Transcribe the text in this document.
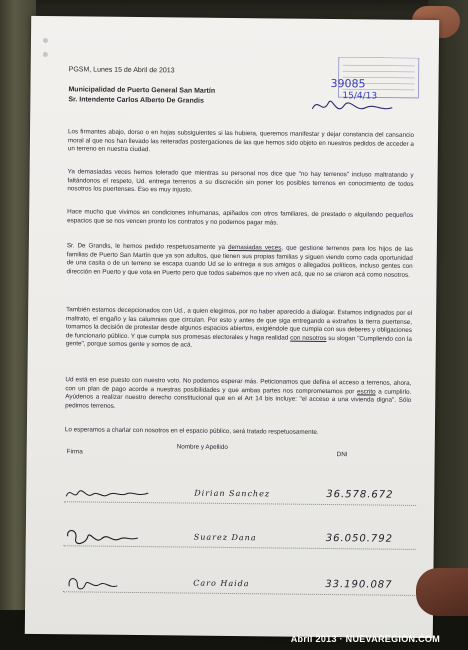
39085
15/4/13
PGSM, Lunes 15 de Abril de 2013
Municipalidad de Puerto General San Martín
Sr. Intendente Carlos Alberto De Grandis

Los firmantes abajo, dorso o en hojas subsiguientes si las hubiera, queremos manifestar y dejar constancia del cansancio moral al que nos han llevado las reiteradas postergaciones de las que hemos sido objeto en nuestros pedidos de acceder a un terreno en nuestra ciudad.

Ya demasiadas veces hemos tolerado que mientras su personal nos dice que "no hay terrenos" incluso maltratando y faltándonos el respeto, Ud. entrega terrenos a su discreción sin poner los posibles terrenos en conocimiento de todos nosotros los puertenses. Eso es muy injusto.

Hace mucho que vivimos en condiciones inhumanas, apiñados con otros familiares, de prestado o alquilando pequeños espacios que se nos vencen pronto los contratos y no podemos pagar más.

Sr. De Grandis, le hemos pedido respetuosamente ya demasiadas veces, que gestione terrenos para los hijos de las familias de Puerto San Martín que ya son adultos, que tienen sus propias familias y siguen viendo como cada oportunidad de una casita o de un terreno se escapa cuando Ud se lo entrega a sus amigos o allegados políticos, incluso gentes con dirección en Puerto y que vota en Puerto pero que todos sabemos que no viven acá, que no se criaron acá como nosotros.

También estamos decepcionados con Ud., a quien elegimos, por no haber aparecido a dialogar. Estamos indignados por el maltrato, el engaño y las calumnias que circulan. Por esto y antes de que siga entregando a extraños la tierra puertense, tomamos la decisión de protestar desde algunos espacios abiertos, exigiéndole que cumpla con sus deberes y obligaciones de funcionario público. Y que cumpla sus promesas electorales y haga realidad con nosotros su slogan "Cumpliendo con la gente", porque somos gente y somos de acá.

Ud está en ese puesto con nuestro voto. No podemos esperar más. Peticionamos que defina el acceso a terrenos, ahora, con un plan de pago acorde a nuestras posibilidades y que ambas partes nos comprometamos por escrito a cumplirlo. Ayúdenos a realizar nuestro derecho constitucional que en el Art 14 bis incluye: "el acceso a una vivienda digna". Sólo pedimos terrenos.

Lo esperamos a charlar con nosotros en el espacio público, será tratado respetuosamente.

Firma
Nombre y Apellido
DNI
Dirian Sanchez	36.578.672
Suarez Dana	36.050.792
Caro Haida	33.190.087
Abril 2013 · NUEVAREGION.COM
